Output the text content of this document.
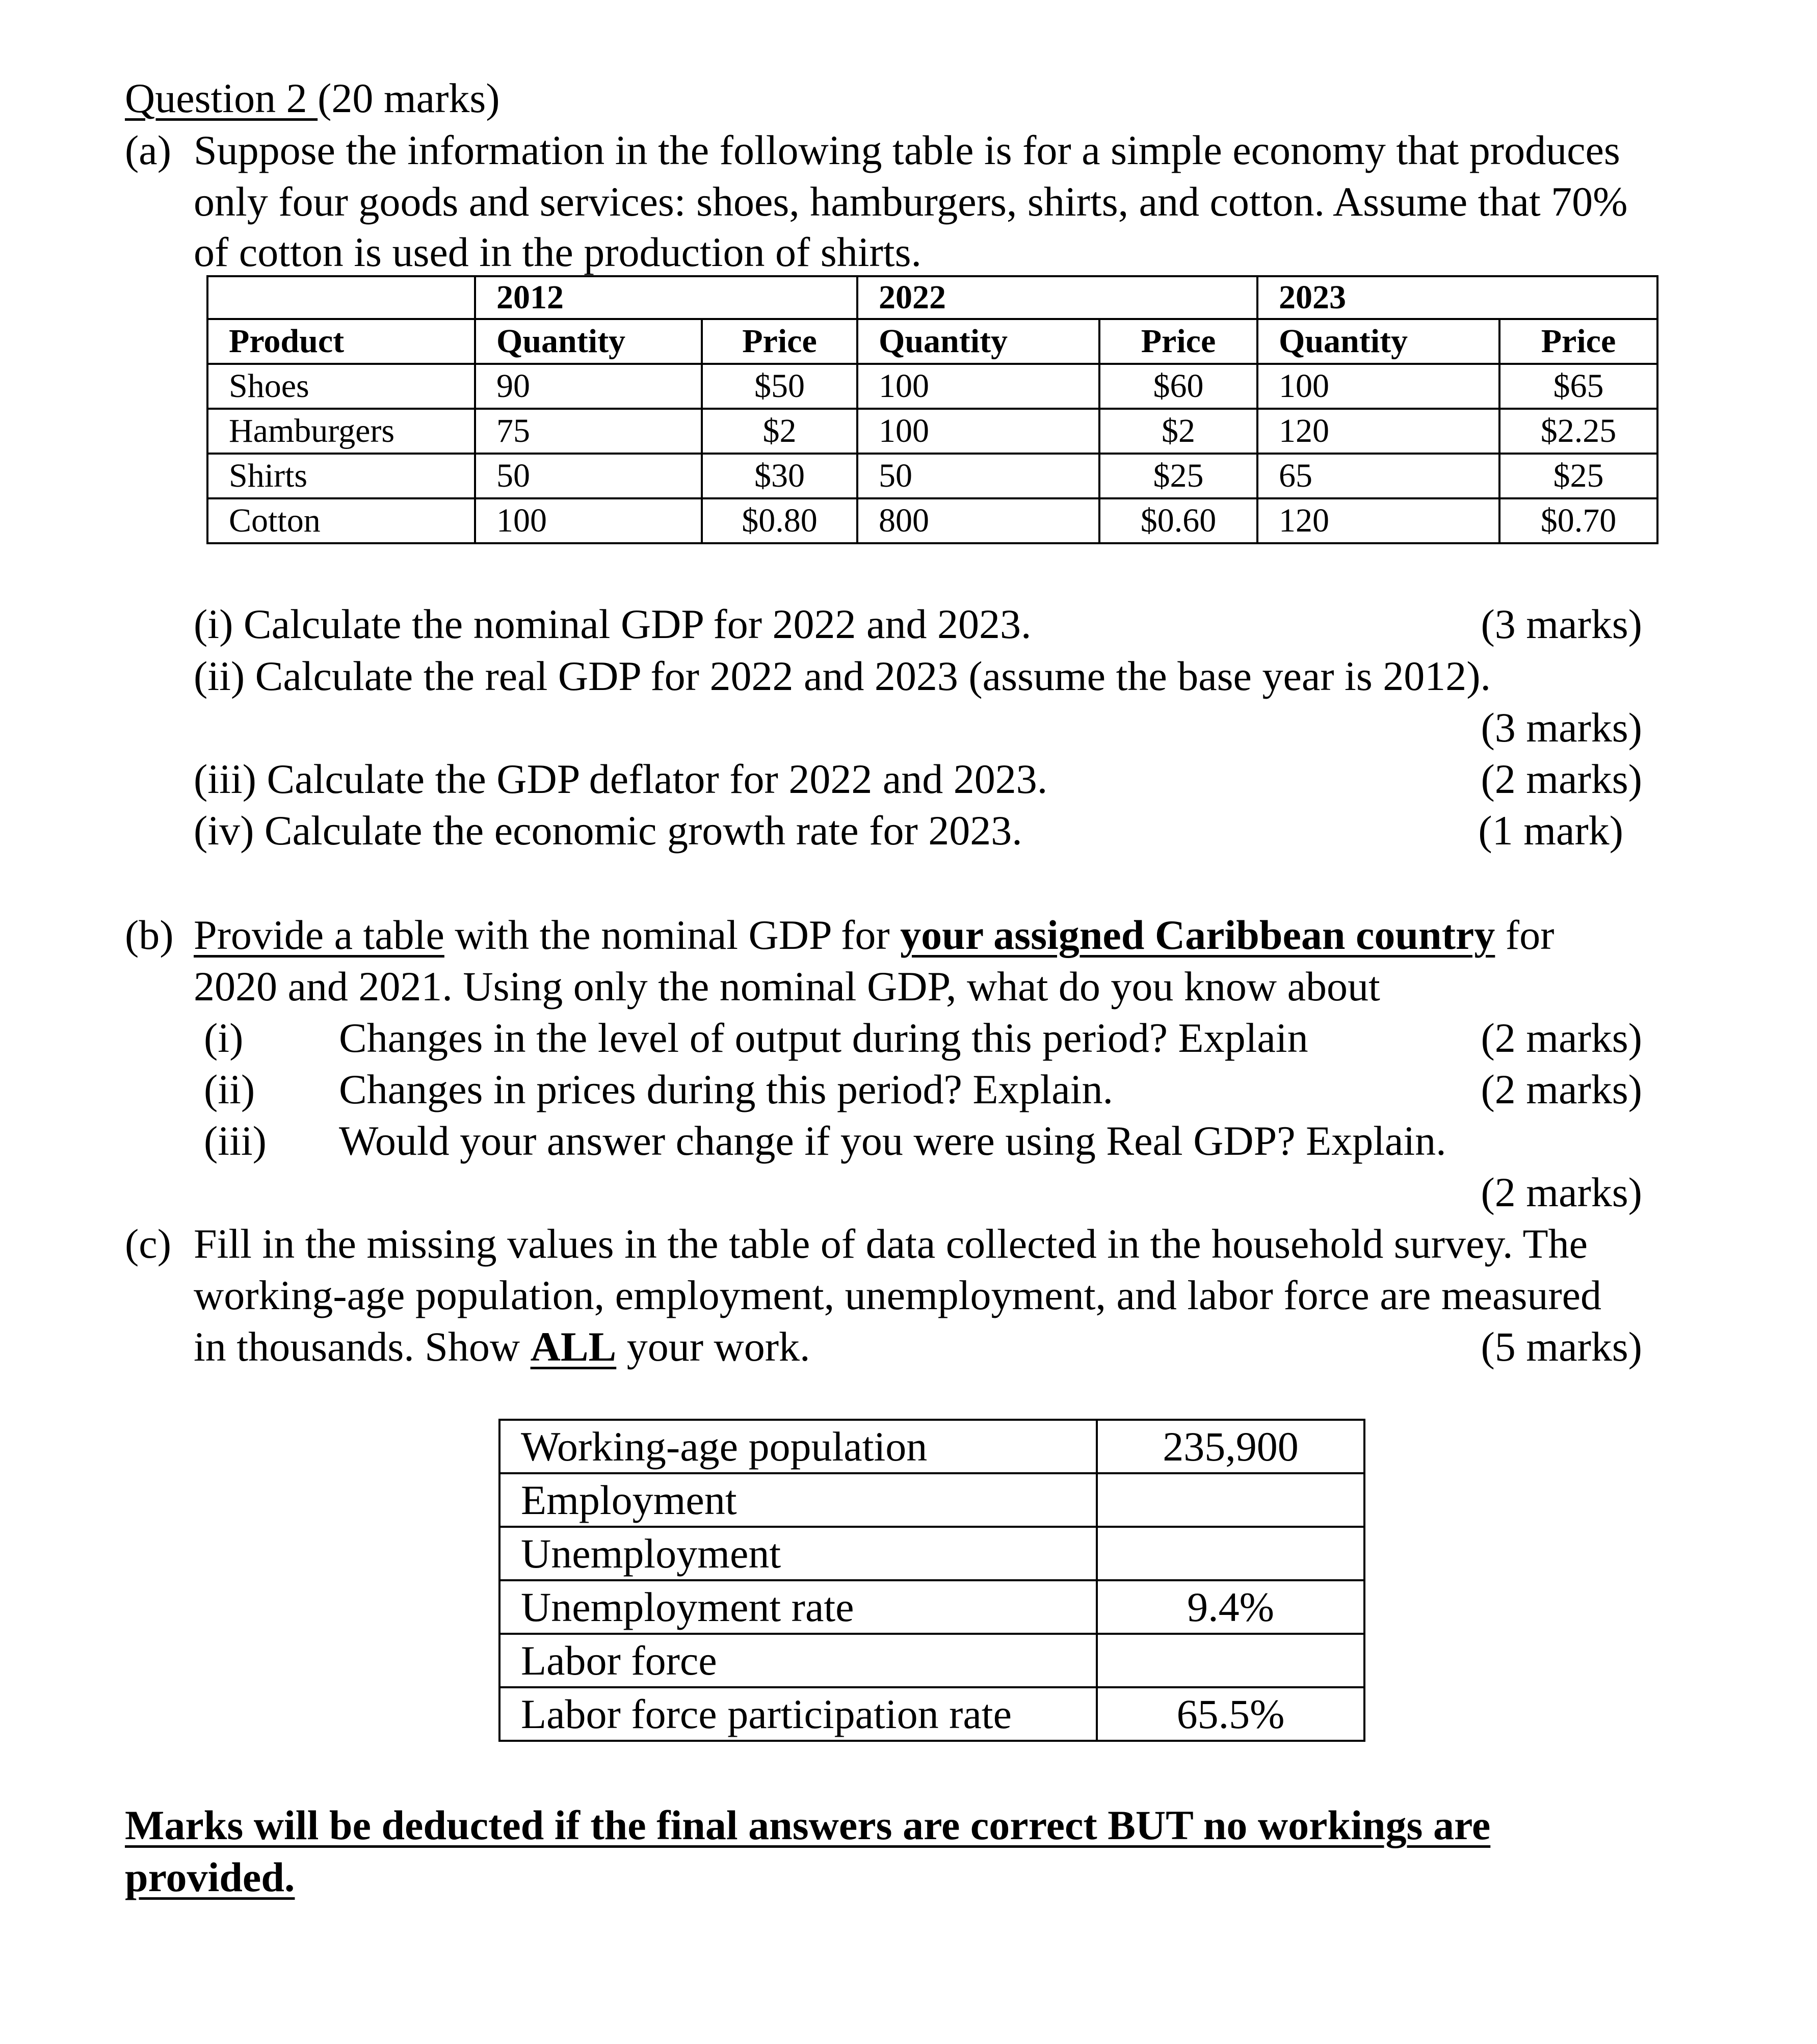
Question 2 (20 marks)
(a) Suppose the information in the following table is for a simple economy that produces
only four goods and services: shoes, hamburgers, shirts, and cotton. Assume that 70%
of cotton is used in the production of shirts.
	2012		2022		2023	
Product	Quantity	Price	Quantity	Price	Quantity	Price
Shoes	90	$50	100	$60	100	$65
Hamburgers	75	$2	100	$2	120	$2.25
Shirts	50	$30	50	$25	65	$25
Cotton	100	$0.80	800	$0.60	120	$0.70
(i) Calculate the nominal GDP for 2022 and 2023.	(3 marks)
(ii) Calculate the real GDP for 2022 and 2023 (assume the base year is 2012).
(3 marks)
(iii) Calculate the GDP deflator for 2022 and 2023.	(2 marks)
(iv) Calculate the economic growth rate for 2023.	(1 mark)
(b) Provide a table with the nominal GDP for your assigned Caribbean country for
2020 and 2021. Using only the nominal GDP, what do you know about
(i) Changes in the level of output during this period? Explain	(2 marks)
(ii) Changes in prices during this period? Explain.	(2 marks)
(iii) Would your answer change if you were using Real GDP? Explain.
(2 marks)
(c) Fill in the missing values in the table of data collected in the household survey. The
working-age population, employment, unemployment, and labor force are measured
in thousands. Show ALL your work.	(5 marks)
Working-age population	235,900
Employment	
Unemployment	
Unemployment rate	9.4%
Labor force	
Labor force participation rate	65.5%
Marks will be deducted if the final answers are correct BUT no workings are
provided.
